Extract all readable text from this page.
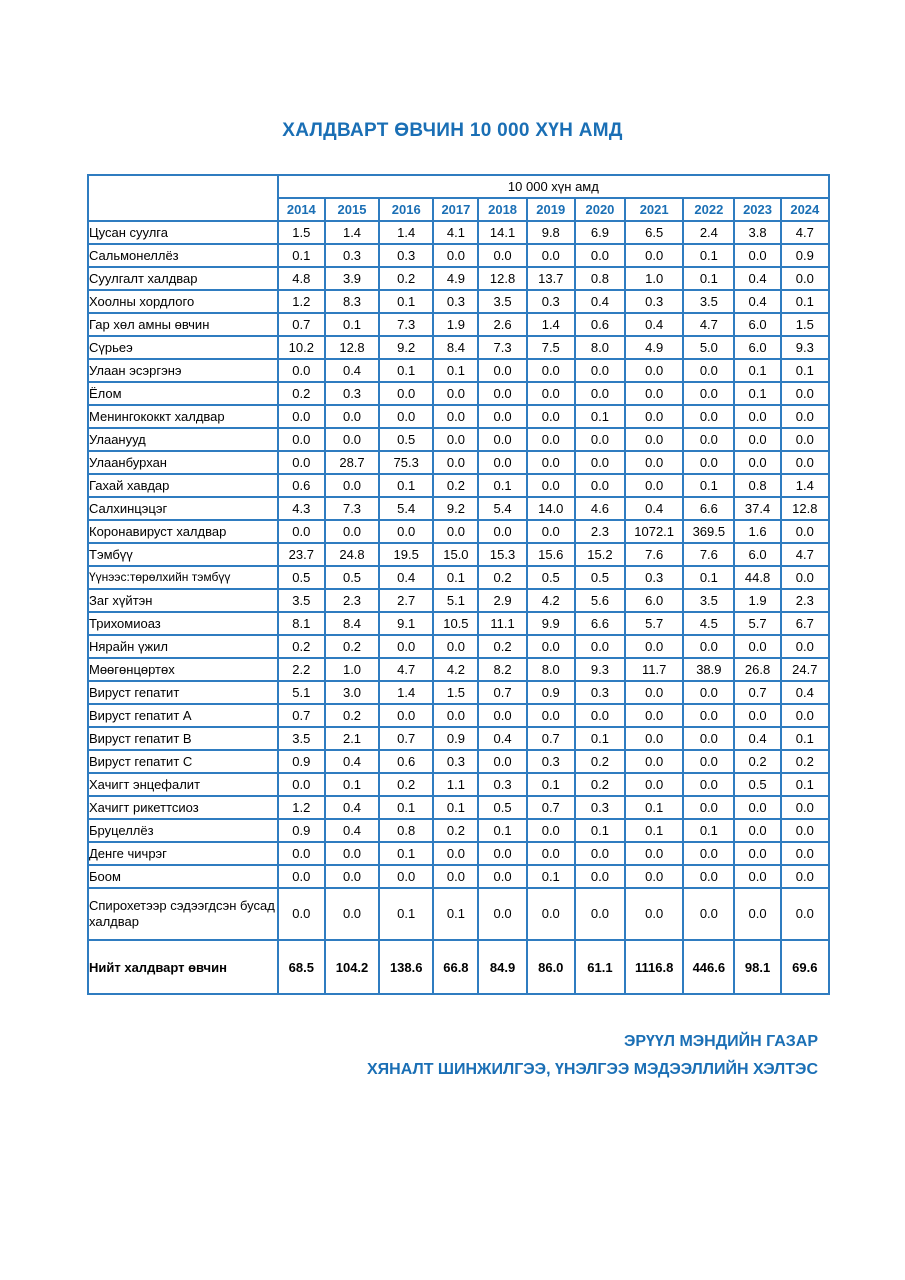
ХАЛДВАРТ ӨВЧИН 10 000 ХҮН АМД
	10 000 хүн амд										
	2014	2015	2016	2017	2018	2019	2020	2021	2022	2023	2024
Цусан суулга	1.5	1.4	1.4	4.1	14.1	9.8	6.9	6.5	2.4	3.8	4.7
Сальмонеллёз	0.1	0.3	0.3	0.0	0.0	0.0	0.0	0.0	0.1	0.0	0.9
Суулгалт халдвар	4.8	3.9	0.2	4.9	12.8	13.7	0.8	1.0	0.1	0.4	0.0
Хоолны хордлого	1.2	8.3	0.1	0.3	3.5	0.3	0.4	0.3	3.5	0.4	0.1
Гар хөл амны өвчин	0.7	0.1	7.3	1.9	2.6	1.4	0.6	0.4	4.7	6.0	1.5
Сүрьеэ	10.2	12.8	9.2	8.4	7.3	7.5	8.0	4.9	5.0	6.0	9.3
Улаан эсэргэнэ	0.0	0.4	0.1	0.1	0.0	0.0	0.0	0.0	0.0	0.1	0.1
Ёлом	0.2	0.3	0.0	0.0	0.0	0.0	0.0	0.0	0.0	0.1	0.0
Менингококкт халдвар	0.0	0.0	0.0	0.0	0.0	0.0	0.1	0.0	0.0	0.0	0.0
Улаанууд	0.0	0.0	0.5	0.0	0.0	0.0	0.0	0.0	0.0	0.0	0.0
Улаанбурхан	0.0	28.7	75.3	0.0	0.0	0.0	0.0	0.0	0.0	0.0	0.0
Гахай хавдар	0.6	0.0	0.1	0.2	0.1	0.0	0.0	0.0	0.1	0.8	1.4
Салхинцэцэг	4.3	7.3	5.4	9.2	5.4	14.0	4.6	0.4	6.6	37.4	12.8
Коронавируст халдвар	0.0	0.0	0.0	0.0	0.0	0.0	2.3	1072.1	369.5	1.6	0.0
Тэмбүү	23.7	24.8	19.5	15.0	15.3	15.6	15.2	7.6	7.6	6.0	4.7
Үүнээс:төрөлхийн тэмбүү	0.5	0.5	0.4	0.1	0.2	0.5	0.5	0.3	0.1	44.8	0.0
Заг хүйтэн	3.5	2.3	2.7	5.1	2.9	4.2	5.6	6.0	3.5	1.9	2.3
Трихомиоаз	8.1	8.4	9.1	10.5	11.1	9.9	6.6	5.7	4.5	5.7	6.7
Нярайн үжил	0.2	0.2	0.0	0.0	0.2	0.0	0.0	0.0	0.0	0.0	0.0
Мөөгөнцөртөх	2.2	1.0	4.7	4.2	8.2	8.0	9.3	11.7	38.9	26.8	24.7
Вируст гепатит	5.1	3.0	1.4	1.5	0.7	0.9	0.3	0.0	0.0	0.7	0.4
Вируст гепатит А	0.7	0.2	0.0	0.0	0.0	0.0	0.0	0.0	0.0	0.0	0.0
Вируст гепатит В	3.5	2.1	0.7	0.9	0.4	0.7	0.1	0.0	0.0	0.4	0.1
Вируст гепатит С	0.9	0.4	0.6	0.3	0.0	0.3	0.2	0.0	0.0	0.2	0.2
Хачигт энцефалит	0.0	0.1	0.2	1.1	0.3	0.1	0.2	0.0	0.0	0.5	0.1
Хачигт рикеттсиоз	1.2	0.4	0.1	0.1	0.5	0.7	0.3	0.1	0.0	0.0	0.0
Бруцеллёз	0.9	0.4	0.8	0.2	0.1	0.0	0.1	0.1	0.1	0.0	0.0
Денге чичрэг	0.0	0.0	0.1	0.0	0.0	0.0	0.0	0.0	0.0	0.0	0.0
Боом	0.0	0.0	0.0	0.0	0.0	0.1	0.0	0.0	0.0	0.0	0.0
Спирохетээр сэдээгдсэн бусад халдвар	0.0	0.0	0.1	0.1	0.0	0.0	0.0	0.0	0.0	0.0	0.0
Нийт халдварт өвчин	68.5	104.2	138.6	66.8	84.9	86.0	61.1	1116.8	446.6	98.1	69.6
ЭРҮҮЛ МЭНДИЙН ГАЗАР
ХЯНАЛТ ШИНЖИЛГЭЭ, ҮНЭЛГЭЭ МЭДЭЭЛЛИЙН ХЭЛТЭС
